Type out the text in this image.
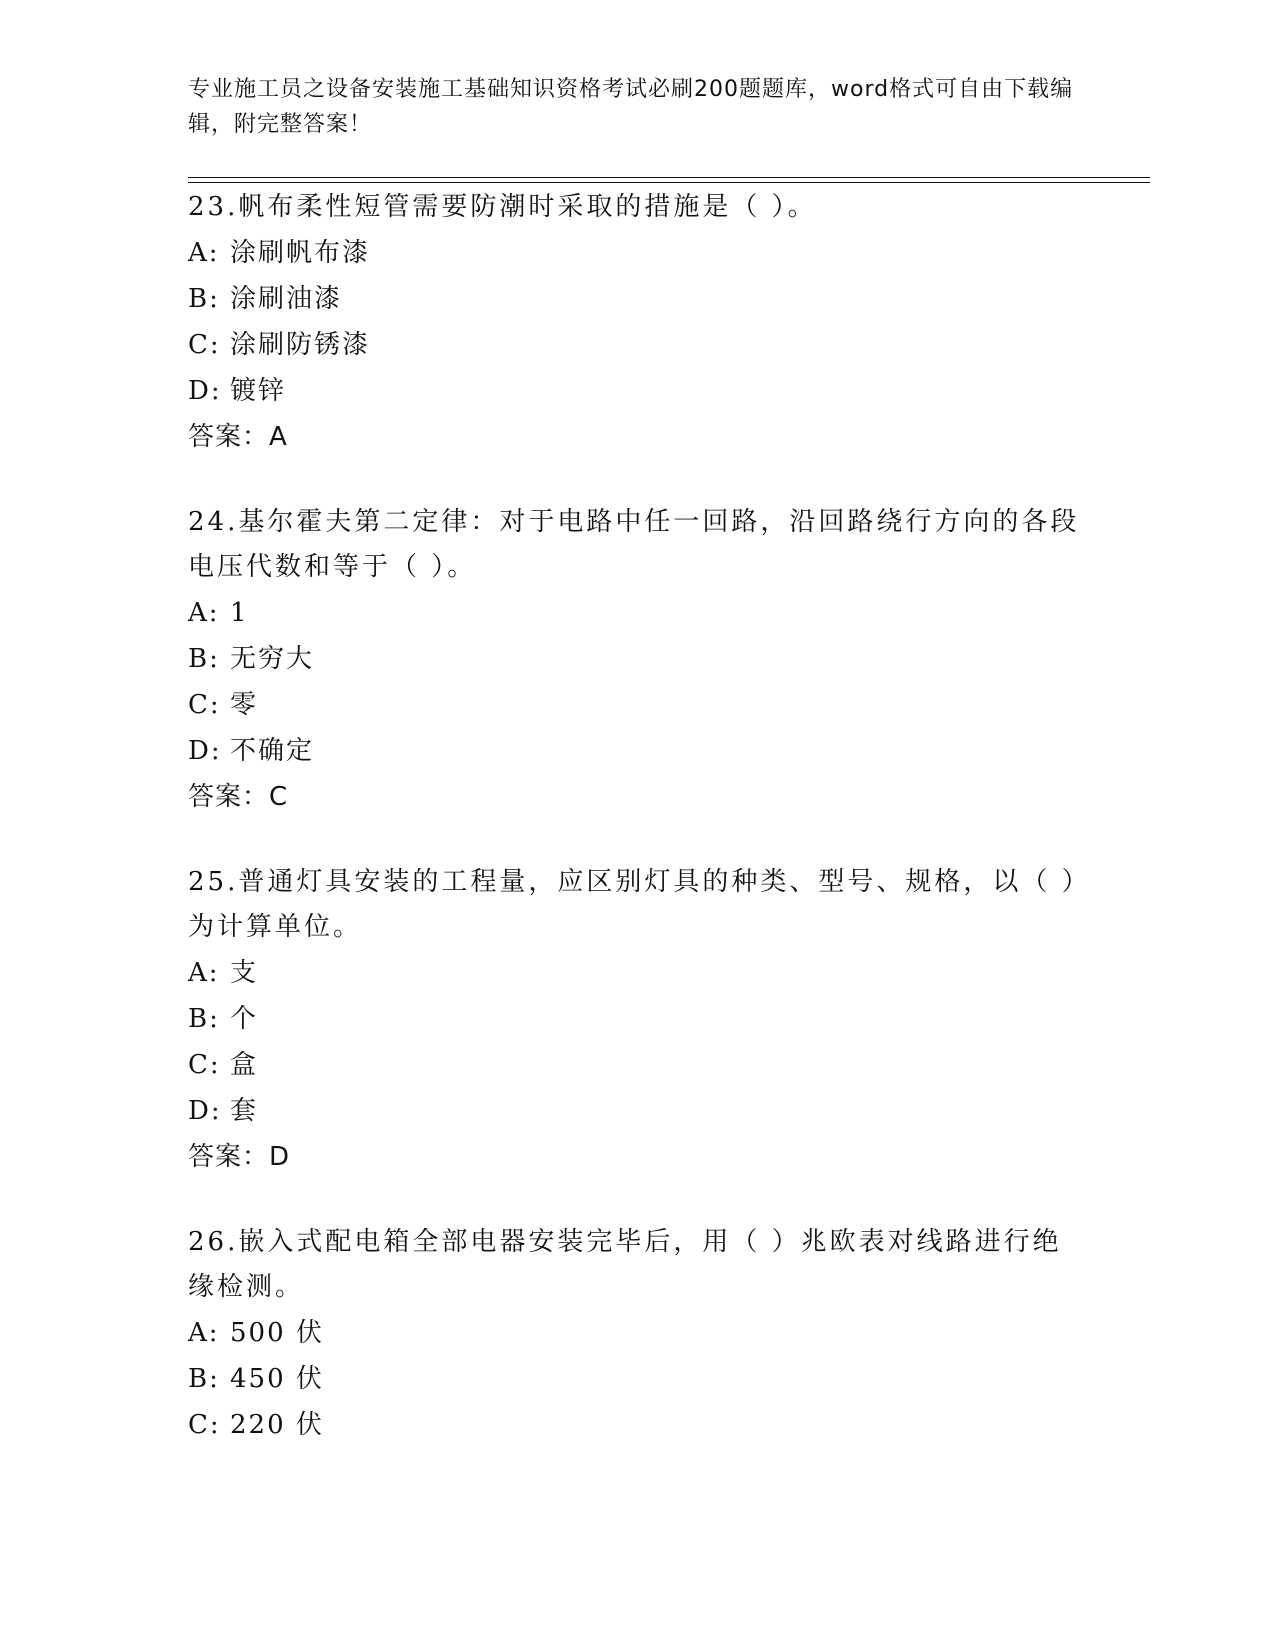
专业施工员之设备安装施工基础知识资格考试必刷200题题库，word格式可自由下载编辑，附完整答案！
23.帆布柔性短管需要防潮时采取的措施是（ ）。
A: 涂刷帆布漆
B: 涂刷油漆
C: 涂刷防锈漆
D: 镀锌
答案：A
24.基尔霍夫第二定律：对于电路中任一回路，沿回路绕行方向的各段电压代数和等于（ ）。
A: 1
B: 无穷大
C: 零
D: 不确定
答案：C
25.普通灯具安装的工程量，应区别灯具的种类、型号、规格，以（ ）为计算单位。
A: 支
B: 个
C: 盒
D: 套
答案：D
26.嵌入式配电箱全部电器安装完毕后，用（ ）兆欧表对线路进行绝缘检测。
A: 500 伏
B: 450 伏
C: 220 伏
